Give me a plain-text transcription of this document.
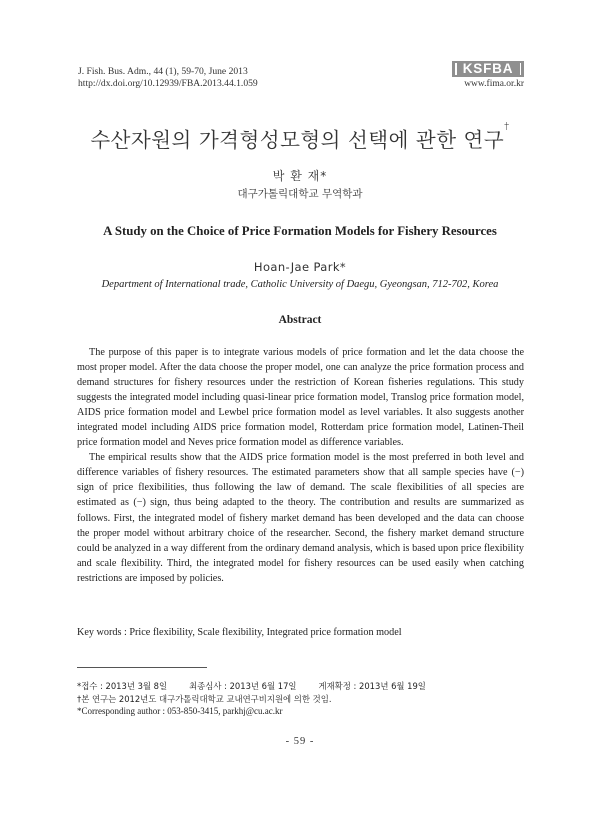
J. Fish. Bus. Adm., 44 (1), 59-70, June 2013
http://dx.doi.org/10.12939/FBA.2013.44.1.059
KSFBA
www.fima.or.kr
수산자원의 가격형성모형의 선택에 관한 연구†
박 환 재*
대구가톨릭대학교 무역학과
A Study on the Choice of Price Formation Models for Fishery Resources
Hoan-Jae Park*
Department of International trade, Catholic University of Daegu, Gyeongsan, 712-702, Korea
Abstract

The purpose of this paper is to integrate various models of price formation and let the data choose the most proper model. After the data choose the proper model, one can analyze the price formation process and demand structures for fishery resources under the restriction of Korean fisheries regulations. This study suggests the integrated model including quasi-linear price formation model, Translog price formation model, AIDS price formation model and Lewbel price formation model as level variables. It also suggests another integrated model including AIDS price formation model, Rotterdam price formation model, Latinen-Theil price formation model and Neves price formation model as difference variables.

The empirical results show that the AIDS price formation model is the most preferred in both level and difference variables of fishery resources. The estimated parameters show that all sample species have (−) sign of price flexibilities, thus following the law of demand. The scale flexibilities of all species are estimated as (−) sign, thus being adapted to the theory. The contribution and results are summarized as follows. First, the integrated model of fishery market demand has been developed and the data can choose the proper model without arbitrary choice of the researcher. Second, the fishery market demand structure could be analyzed in a way different from the ordinary demand analysis, which is based upon price flexibility and scale flexibility. Third, the integrated model for fishery resources can be used easily when catching restrictions are imposed by policies.

Key words : Price flexibility, Scale flexibility, Integrated price formation model
*접수 : 2013년 3월 8일	최종심사 : 2013년 6월 17일	게재확정 : 2013년 6월 19일
†본 연구는 2012년도 대구가톨릭대학교 교내연구비지원에 의한 것임.
*Corresponding author : 053-850-3415, parkhj@cu.ac.kr
- 59 -
